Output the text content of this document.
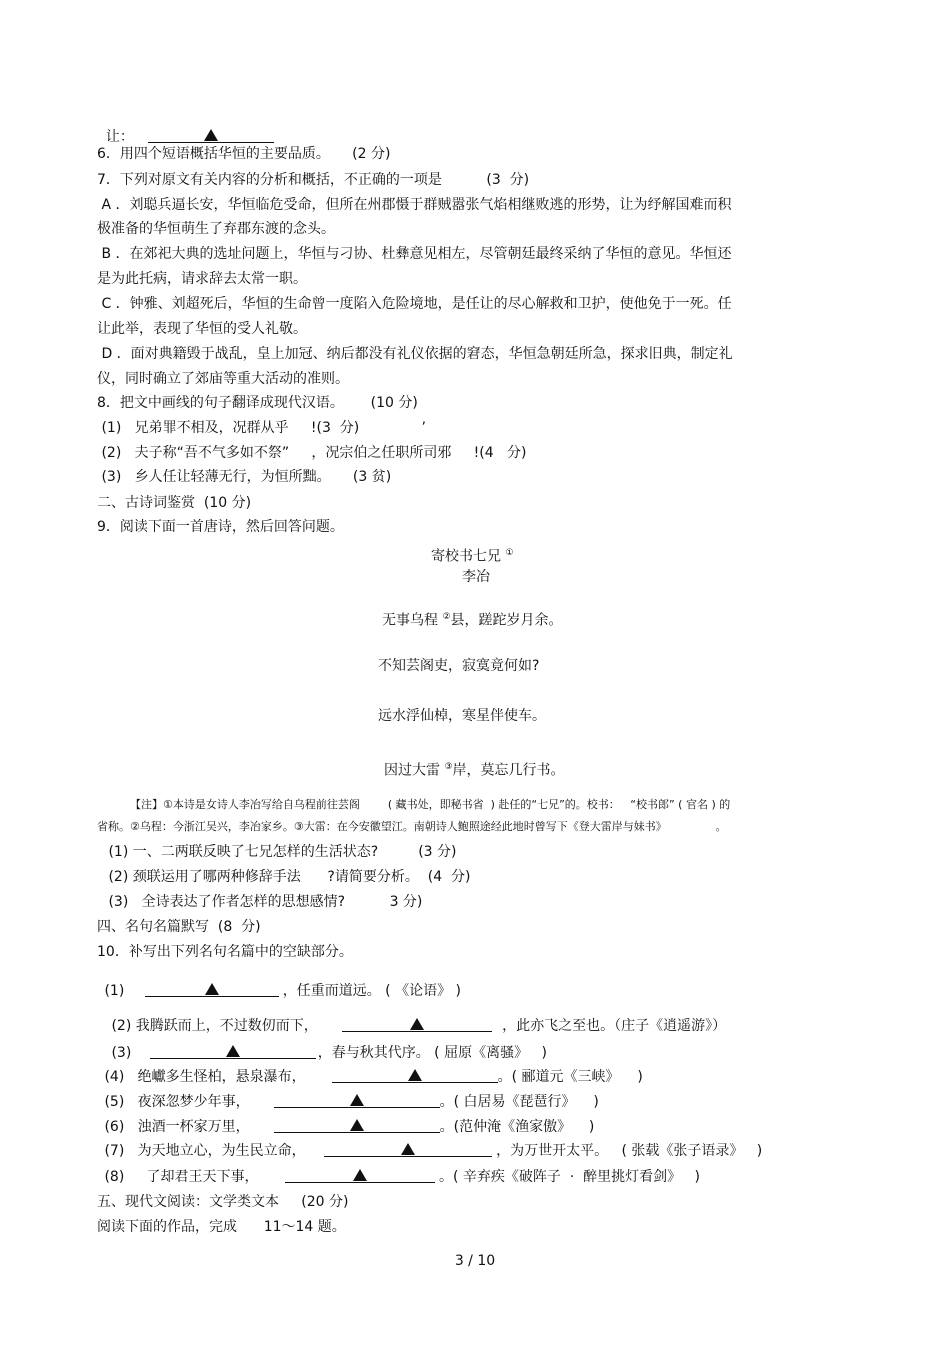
让：

6．用四个短语概括华恒的主要品质。     (2 分)
7．下列对原文有关内容的分析和概括，不正确的一项是          (3  分)
A ．刘聪兵逼长安，华恒临危受命，但所在州郡慑于群贼嚣张气焰相继败逃的形势，让为纾解国难而积
极准备的华恒萌生了弃郡东渡的念头。
B ．在郊祀大典的选址问题上，华恒与刁协、杜彝意见相左，尽管朝廷最终采纳了华恒的意见。华恒还
是为此托病，请求辞去太常一职。
C ．钟雅、刘超死后，华恒的生命曾一度陷入危险境地，是任让的尽心解救和卫护，使他免于一死。任
让此举，表现了华恒的受人礼敬。
D ．面对典籍毁于战乱，皇上加冠、纳后都没有礼仪依据的窘态，华恒急朝廷所急，探求旧典，制定礼
仪，同时确立了郊庙等重大活动的准则。
8．把文中画线的句子翻译成现代汉语。      (10 分)
(1)   兄弟罪不相及，况群从乎     !(3  分)              ’
(2)   夫子称“吾不气多如不祭”     ，况宗伯之任职所司邪     !(4   分)
(3)   乡人任让轻薄无行，为恒所黜。     (3 贫)
二、古诗词鉴赏  (10 分)
9．阅读下面一首唐诗，然后回答问题。
寄校书七兄 ①
李冶
无事乌程 ②县，蹉跎岁月余。
不知芸阁吏，寂寞竟何如?
远水浮仙棹，寒星伴使车。
因过大雷 ③岸，莫忘几行书。
【注】①本诗是女诗人李冶写给自乌程前往芸阁        ( 藏书处，即秘书省  ) 赴任的“七兄”的。校书：   “校书郎” ( 官名 ) 的
省称。②乌程：今浙江吴兴，李冶家乡。③大雷：在今安徽望江。南朝诗人鲍照途经此地时曾写下《登大雷岸与妹书》              。
(1) 一、二两联反映了七兄怎样的生活状态?         (3 分)
(2) 颈联运用了哪两种修辞手法      ?请简要分析。  (4  分)
(3)   全诗表达了作者怎样的思想感情?          3 分)
四、名句名篇默写  (8  分)
10．补写出下列名句名篇中的空缺部分。
(1)	，任重而道远。 ( 《论语》 )
(2) 我腾跃而上，不过数仞而下，	，此亦飞之至也。（庄子《逍遥游》）
(3)	，春与秋其代序。 ( 屈原《离骚》   )
(4)   绝巘多生怪柏，悬泉瀑布，	。( 郦道元《三峡》    )
(5)   夜深忽梦少年事，	。( 白居易《琵琶行》    )
(6)   浊酒一杯家万里，	。(范仲淹《渔家傲》    )
(7)   为天地立心，为生民立命，	，为万世开太平。   ( 张载《张子语录》   )
(8)     了却君王天下事，	。( 辛弃疾《破阵子  ·  醉里挑灯看剑》   )
五、现代文阅读：文学类文本     (20 分)
阅读下面的作品，完成      11～14 题。
3 / 10
